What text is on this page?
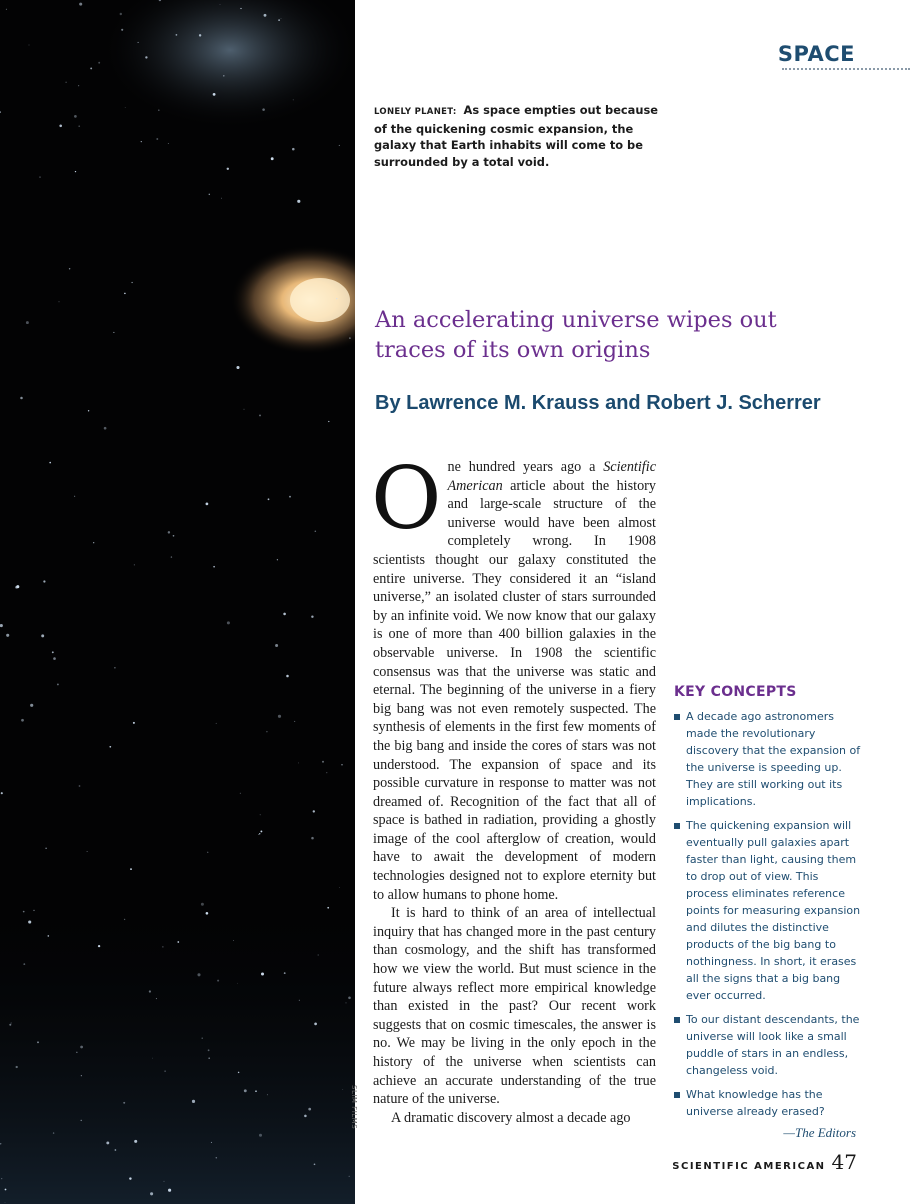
SPACE
LONELY PLANET: As space empties out because of the quickening cosmic expansion, the galaxy that Earth inhabits will come to be surrounded by a total void.
An accelerating universe wipes out traces of its own origins
By Lawrence M. Krauss and Robert J. Scherrer

One hundred years ago a Scientific American article about the history and large-scale structure of the universe would have been almost completely wrong. In 1908 scientists thought our galaxy constituted the entire universe. They considered it an “island universe,” an isolated cluster of stars surrounded by an infinite void. We now know that our galaxy is one of more than 400 billion galaxies in the observable universe. In 1908 the scientific consensus was that the universe was static and eternal. The beginning of the universe in a fiery big bang was not even remotely suspected. The synthesis of elements in the first few moments of the big bang and inside the cores of stars was not understood. The expansion of space and its possible curvature in response to matter was not dreamed of. Recognition of the fact that all of space is bathed in radiation, providing a ghostly image of the cool afterglow of creation, would have to await the development of modern technologies designed not to explore eternity but to allow humans to phone home.

It is hard to think of an area of intellectual inquiry that has changed more in the past century than cosmology, and the shift has transformed how we view the world. But must science in the future always reflect more empirical knowledge than existed in the past? Our recent work suggests that on cosmic timescales, the answer is no. We may be living in the only epoch in the history of the universe when scientists can achieve an accurate understanding of the true nature of the universe.

A dramatic discovery almost a decade ago

SLIM FILMS
KEY CONCEPTS
A decade ago astronomers made the revolutionary discovery that the expansion of the universe is speeding up. They are still working out its implications.
The quickening expansion will eventually pull galaxies apart faster than light, causing them to drop out of view. This process eliminates reference points for measuring expansion and dilutes the distinctive products of the big bang to nothingness. In short, it erases all the signs that a big bang ever occurred.
To our distant descendants, the universe will look like a small puddle of stars in an endless, changeless void.
What knowledge has the universe already erased?
—The Editors
SCIENTIFIC AMERICAN 47
